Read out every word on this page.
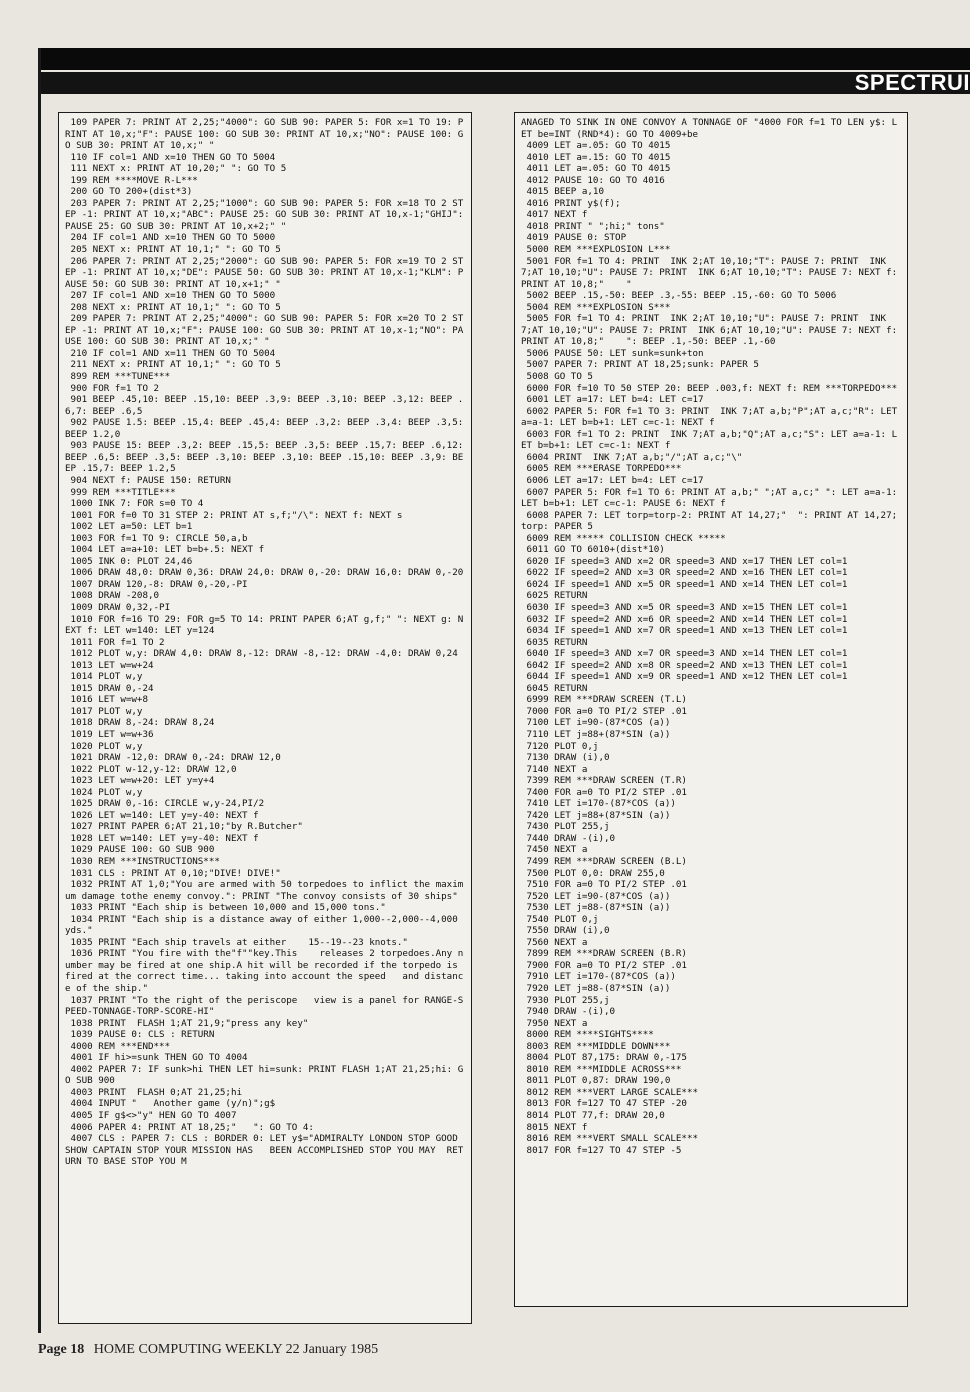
SPECTRUI
109 PAPER 7: PRINT AT 2,25;"4000": GO SUB 90: PAPER 5: FOR x=1 TO 19: PRINT AT 10,x;"F": PAUSE 100: GO SUB 30: PRINT AT 10,x;"NO": PAUSE 100: GO SUB 30: PRINT AT 10,x;" "
110 IF col=1 AND x=10 THEN GO TO 5004
111 NEXT x: PRINT AT 10,20;" ": GO TO 5
199 REM ****MOVE R-L***
200 GO TO 200+(dist*3)
203 PAPER 7: PRINT AT 2,25;"1000": GO SUB 90: PAPER 5: FOR x=18 TO 2 STEP -1: PRINT AT 10,x;"ABC": PAUSE 25: GO SUB 30: PRINT AT 10,x-1;"GHIJ": PAUSE 25: GO SUB 30: PRINT AT 10,x+2;" "
204 IF col=1 AND x=10 THEN GO TO 5000
205 NEXT x: PRINT AT 10,1;" ": GO TO 5
206 PAPER 7: PRINT AT 2,25;"2000": GO SUB 90: PAPER 5: FOR x=19 TO 2 STEP -1: PRINT AT 10,x;"DE": PAUSE 50: GO SUB 30: PRINT AT 10,x-1;"KLM": PAUSE 50: GO SUB 30: PRINT AT 10,x+1;" "
207 IF col=1 AND x=10 THEN GO TO 5000
208 NEXT x: PRINT AT 10,1;" ": GO TO 5
209 PAPER 7: PRINT AT 2,25;"4000": GO SUB 90: PAPER 5: FOR x=20 TO 2 STEP -1: PRINT AT 10,x;"F": PAUSE 100: GO SUB 30: PRINT AT 10,x-1;"NO": PAUSE 100: GO SUB 30: PRINT AT 10,x;" "
210 IF col=1 AND x=11 THEN GO TO 5004
211 NEXT x: PRINT AT 10,1;" ": GO TO 5
899 REM ***TUNE***
900 FOR f=1 TO 2
901 BEEP .45,10: BEEP .15,10: BEEP .3,9: BEEP .3,10: BEEP .3,12: BEEP .6,7: BEEP .6,5
902 PAUSE 1.5: BEEP .15,4: BEEP .45,4: BEEP .3,2: BEEP .3,4: BEEP .3,5: BEEP 1.2,0
903 PAUSE 15: BEEP .3,2: BEEP .15,5: BEEP .3,5: BEEP .15,7: BEEP .6,12: BEEP .6,5: BEEP .3,5: BEEP .3,10: BEEP .3,10: BEEP .15,10: BEEP .3,9: BEEP .15,7: BEEP 1.2,5
904 NEXT f: PAUSE 150: RETURN
999 REM ***TITLE***
1000 INK 7: FOR s=0 TO 4
1001 FOR f=0 TO 31 STEP 2: PRINT AT s,f;"/\": NEXT f: NEXT s
1002 LET a=50: LET b=1
1003 FOR f=1 TO 9: CIRCLE 50,a,b
1004 LET a=a+10: LET b=b+.5: NEXT f
1005 INK 0: PLOT 24,46
1006 DRAW 48,0: DRAW 0,36: DRAW 24,0: DRAW 0,-20: DRAW 16,0: DRAW 0,-20
1007 DRAW 120,-8: DRAW 0,-20,-PI
1008 DRAW -208,0
1009 DRAW 0,32,-PI
1010 FOR f=16 TO 29: FOR g=5 TO 14: PRINT PAPER 6;AT g,f;" ": NEXT g: NEXT f: LET w=140: LET y=124
1011 FOR f=1 TO 2
1012 PLOT w,y: DRAW 4,0: DRAW 8,-12: DRAW -8,-12: DRAW -4,0: DRAW 0,24
1013 LET w=w+24
1014 PLOT w,y
1015 DRAW 0,-24
1016 LET w=w+8
1017 PLOT w,y
1018 DRAW 8,-24: DRAW 8,24
1019 LET w=w+36
1020 PLOT w,y
1021 DRAW -12,0: DRAW 0,-24: DRAW 12,0
1022 PLOT w-12,y-12: DRAW 12,0
1023 LET w=w+20: LET y=y+4
1024 PLOT w,y
1025 DRAW 0,-16: CIRCLE w,y-24,PI/2
1026 LET w=140: LET y=y-40: NEXT f
1027 PRINT PAPER 6;AT 21,10;"by R.Butcher"
1028 LET w=140: LET y=y-40: NEXT f
1029 PAUSE 100: GO SUB 900
1030 REM ***INSTRUCTIONS***
1031 CLS : PRINT AT 0,10;"DIVE! DIVE!"
1032 PRINT AT 1,0;"You are armed with 50 torpedoes to inflict the maximum damage tothe enemy convoy.": PRINT "The convoy consists of 30 ships"
1033 PRINT "Each ship is between 10,000 and 15,000 tons."
1034 PRINT "Each ship is a distance away of either 1,000--2,000--4,000 yds."
1035 PRINT "Each ship travels at either    15--19--23 knots."
1036 PRINT "You fire with the"f""key.This    releases 2 torpedoes.Any number may be fired at one ship.A hit will be recorded if the torpedo is fired at the correct time... taking into account the speed   and distance of the ship."
1037 PRINT "To the right of the periscope   view is a panel for RANGE-SPEED-TONNAGE-TORP-SCORE-HI"
1038 PRINT  FLASH 1;AT 21,9;"press any key"
1039 PAUSE 0: CLS : RETURN
4000 REM ***END***
4001 IF hi>=sunk THEN GO TO 4004
4002 PAPER 7: IF sunk>hi THEN LET hi=sunk: PRINT FLASH 1;AT 21,25;hi: GO SUB 900
4003 PRINT  FLASH 0;AT 21,25;hi
4004 INPUT "   Another game (y/n)";g$
4005 IF g$<>"y" HEN GO TO 4007
4006 PAPER 4: PRINT AT 18,25;"   ": GO TO 4:
4007 CLS : PAPER 7: CLS : BORDER 0: LET y$="ADMIRALTY LONDON STOP GOOD SHOW CAPTAIN STOP YOUR MISSION HAS   BEEN ACCOMPLISHED STOP YOU MAY  RETURN TO BASE STOP YOU M

ANAGED TO SINK IN ONE CONVOY A TONNAGE OF "4000 FOR f=1 TO LEN y$: LET be=INT (RND*4): GO TO 4009+be
4009 LET a=.05: GO TO 4015
4010 LET a=.15: GO TO 4015
4011 LET a=.05: GO TO 4015
4012 PAUSE 10: GO TO 4016
4015 BEEP a,10
4016 PRINT y$(f);
4017 NEXT f
4018 PRINT " ";hi;" tons"
4019 PAUSE 0: STOP
5000 REM ***EXPLOSION L***
5001 FOR f=1 TO 4: PRINT  INK 2;AT 10,10;"T": PAUSE 7: PRINT  INK 7;AT 10,10;"U": PAUSE 7: PRINT  INK 6;AT 10,10;"T": PAUSE 7: NEXT f: PRINT AT 10,8;"    "
5002 BEEP .15,-50: BEEP .3,-55: BEEP .15,-60: GO TO 5006
5004 REM ***EXPLOSION S***
5005 FOR f=1 TO 4: PRINT  INK 2;AT 10,10;"U": PAUSE 7: PRINT  INK 7;AT 10,10;"U": PAUSE 7: PRINT  INK 6;AT 10,10;"U": PAUSE 7: NEXT f: PRINT AT 10,8;"    ": BEEP .1,-50: BEEP .1,-60
5006 PAUSE 50: LET sunk=sunk+ton
5007 PAPER 7: PRINT AT 18,25;sunk: PAPER 5
5008 GO TO 5
6000 FOR f=10 TO 50 STEP 20: BEEP .003,f: NEXT f: REM ***TORPEDO***
6001 LET a=17: LET b=4: LET c=17
6002 PAPER 5: FOR f=1 TO 3: PRINT  INK 7;AT a,b;"P";AT a,c;"R": LET a=a-1: LET b=b+1: LET c=c-1: NEXT f
6003 FOR f=1 TO 2: PRINT  INK 7;AT a,b;"Q";AT a,c;"S": LET a=a-1: LET b=b+1: LET c=c-1: NEXT f
6004 PRINT  INK 7;AT a,b;"/";AT a,c;"\"
6005 REM ***ERASE TORPEDO***
6006 LET a=17: LET b=4: LET c=17
6007 PAPER 5: FOR f=1 TO 6: PRINT AT a,b;" ";AT a,c;" ": LET a=a-1: LET b=b+1: LET c=c-1: PAUSE 6: NEXT f
6008 PAPER 7: LET torp=torp-2: PRINT AT 14,27;"  ": PRINT AT 14,27;torp: PAPER 5
6009 REM ***** COLLISION CHECK *****
6011 GO TO 6010+(dist*10)
6020 IF speed=3 AND x=2 OR speed=3 AND x=17 THEN LET col=1
6022 IF speed=2 AND x=3 OR speed=2 AND x=16 THEN LET col=1
6024 IF speed=1 AND x=5 OR speed=1 AND x=14 THEN LET col=1
6025 RETURN
6030 IF speed=3 AND x=5 OR speed=3 AND x=15 THEN LET col=1
6032 IF speed=2 AND x=6 OR speed=2 AND x=14 THEN LET col=1
6034 IF speed=1 AND x=7 OR speed=1 AND x=13 THEN LET col=1
6035 RETURN
6040 IF speed=3 AND x=7 OR speed=3 AND x=14 THEN LET col=1
6042 IF speed=2 AND x=8 OR speed=2 AND x=13 THEN LET col=1
6044 IF speed=1 AND x=9 OR speed=1 AND x=12 THEN LET col=1
6045 RETURN
6999 REM ***DRAW SCREEN (T.L)
7000 FOR a=0 TO PI/2 STEP .01
7100 LET i=90-(87*COS (a))
7110 LET j=88+(87*SIN (a))
7120 PLOT 0,j
7130 DRAW (i),0
7140 NEXT a
7399 REM ***DRAW SCREEN (T.R)
7400 FOR a=0 TO PI/2 STEP .01
7410 LET i=170-(87*COS (a))
7420 LET j=88+(87*SIN (a))
7430 PLOT 255,j
7440 DRAW -(i),0
7450 NEXT a
7499 REM ***DRAW SCREEN (B.L)
7500 PLOT 0,0: DRAW 255,0
7510 FOR a=0 TO PI/2 STEP .01
7520 LET i=90-(87*COS (a))
7530 LET j=88-(87*SIN (a))
7540 PLOT 0,j
7550 DRAW (i),0
7560 NEXT a
7899 REM ***DRAW SCREEN (B.R)
7900 FOR a=0 TO PI/2 STEP .01
7910 LET i=170-(87*COS (a))
7920 LET j=88-(87*SIN (a))
7930 PLOT 255,j
7940 DRAW -(i),0
7950 NEXT a
8000 REM ****SIGHTS****
8003 REM ***MIDDLE DOWN***
8004 PLOT 87,175: DRAW 0,-175
8010 REM ***MIDDLE ACROSS***
8011 PLOT 0,87: DRAW 190,0
8012 REM ***VERT LARGE SCALE***
8013 FOR f=127 TO 47 STEP -20
8014 PLOT 77,f: DRAW 20,0
8015 NEXT f
8016 REM ***VERT SMALL SCALE***
8017 FOR f=127 TO 47 STEP -5

Page 18 HOME COMPUTING WEEKLY 22 January 1985
